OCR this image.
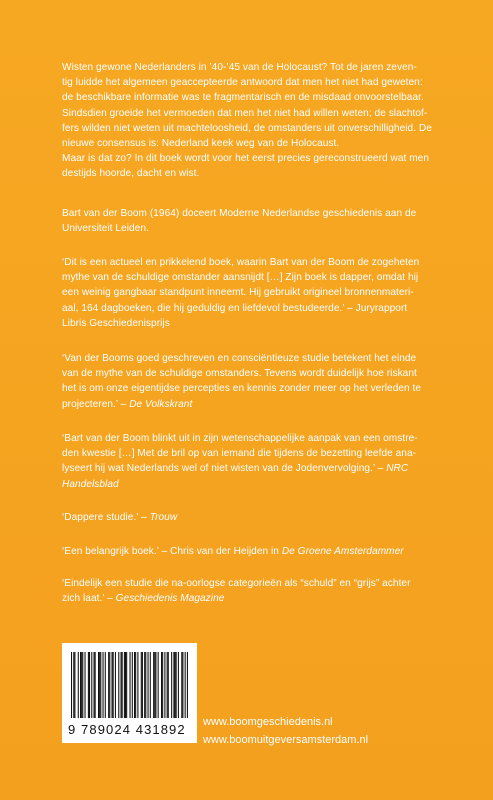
Wisten gewone Nederlanders in ’40-’45 van de Holocaust? Tot de jaren zeven-

tig luidde het algemeen geaccepteerde antwoord dat men het niet had geweten:

de beschikbare informatie was te fragmentarisch en de misdaad onvoorstelbaar.

Sindsdien groeide het vermoeden dat men het niet had willen weten; de slachtof-

fers wilden niet weten uit machteloosheid, de omstanders uit onverschilligheid. De

nieuwe consensus is: Nederland keek weg van de Holocaust.

Maar is dat zo? In dit boek wordt voor het eerst precies gereconstrueerd wat men

destijds hoorde, dacht en wist.

Bart van der Boom (1964) doceert Moderne Nederlandse geschiedenis aan de

Universiteit Leiden.

‘Dit is een actueel en prikkelend boek, waarin Bart van der Boom de zogeheten

mythe van de schuldige omstander aansnijdt […] Zijn boek is dapper, omdat hij

een weinig gangbaar standpunt inneemt. Hij gebruikt origineel bronnenmateri-

aal, 164 dagboeken, die hij geduldig en liefdevol bestudeerde.’ – Juryrapport

Libris Geschiedenisprijs

‘Van der Booms goed geschreven en consciëntieuze studie betekent het einde

van de mythe van de schuldige omstanders. Tevens wordt duidelijk hoe riskant

het is om onze eigentijdse percepties en kennis zonder meer op het verleden te

projecteren.’ – De Volkskrant

‘Bart van der Boom blinkt uit in zijn wetenschappelijke aanpak van een omstre-

den kwestie […] Met de bril op van iemand die tijdens de bezetting leefde ana-

lyseert hij wat Nederlands wel of niet wisten van de Jodenvervolging.’ – NRC

Handelsblad

‘Dappere studie.’ – Trouw

‘Een belangrijk boek.’ – Chris van der Heijden in De Groene Amsterdammer

‘Eindelijk een studie die na-oorlogse categorieën als “schuld” en “grijs” achter

zich laat.’ – Geschiedenis Magazine

9 789024 431892	www.boomgeschiedenis.nl
www.boomuitgeversamsterdam.nl
